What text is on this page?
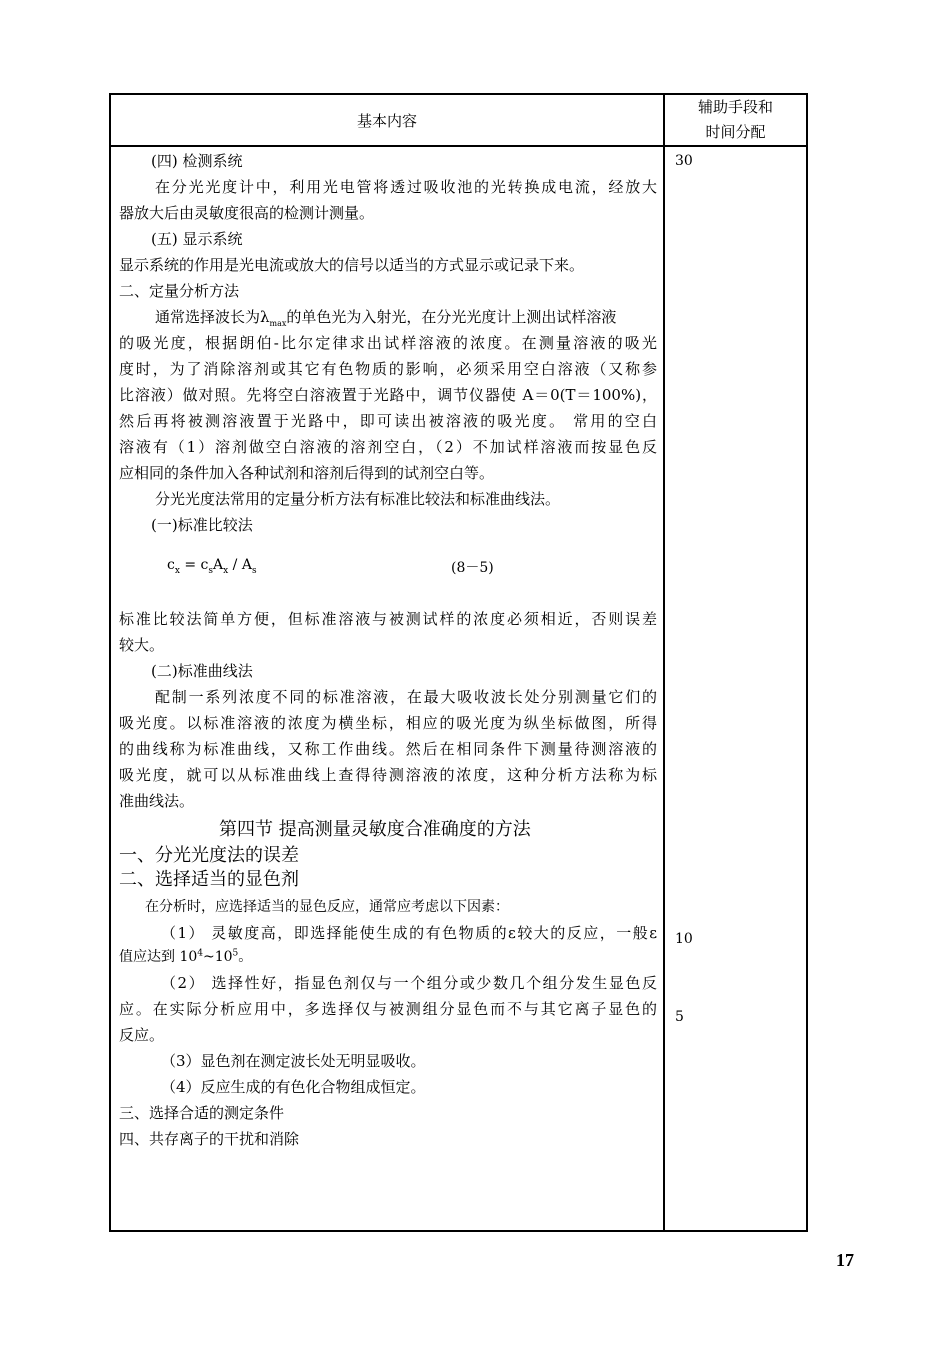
基本内容
辅助手段和
时间分配
(四) 检测系统
在分光光度计中，利用光电管将透过吸收池的光转换成电流，经放大
器放大后由灵敏度很高的检测计测量。
(五) 显示系统
显示系统的作用是光电流或放大的信号以适当的方式显示或记录下来。
二、定量分析方法
通常选择波长为$\lambda_{max}$的单色光为入射光，在分光光度计上测出试样溶液
的吸光度，根据朗伯-比尔定律求出试样溶液的浓度。在测量溶液的吸光
度时，为了消除溶剂或其它有色物质的影响，必须采用空白溶液（又称参
比溶液）做对照。先将空白溶液置于光路中，调节仪器使 A＝0(T＝100%)，
然后再将被测溶液置于光路中，即可读出被溶液的吸光度。 常用的空白
溶液有（1）溶剂做空白溶液的溶剂空白，（2）不加试样溶液而按显色反
应相同的条件加入各种试剂和溶剂后得到的试剂空白等。
分光光度法常用的定量分析方法有标准比较法和标准曲线法。
(一)标准比较法
$c_x = c_sA_x / A_s$	(8－5)
标准比较法简单方便，但标准溶液与被测试样的浓度必须相近，否则误差
较大。
(二)标准曲线法
配制一系列浓度不同的标准溶液，在最大吸收波长处分别测量它们的
吸光度。以标准溶液的浓度为横坐标，相应的吸光度为纵坐标做图，所得
的曲线称为标准曲线，又称工作曲线。然后在相同条件下测量待测溶液的
吸光度，就可以从标准曲线上查得待测溶液的浓度，这种分析方法称为标
准曲线法。
第四节 提高测量灵敏度合准确度的方法
一、分光光度法的误差
二、选择适当的显色剂
在分析时，应选择适当的显色反应，通常应考虑以下因素：
（1） 灵敏度高，即选择能使生成的有色物质的ε较大的反应，一般ε
值应达到 $10^4\sim 10^5$。
（2） 选择性好，指显色剂仅与一个组分或少数几个组分发生显色反
应。在实际分析应用中，多选择仅与被测组分显色而不与其它离子显色的
反应。
（3）显色剂在测定波长处无明显吸收。
（4）反应生成的有色化合物组成恒定。
三、选择合适的测定条件
四、共存离子的干扰和消除
30
10
5
17
